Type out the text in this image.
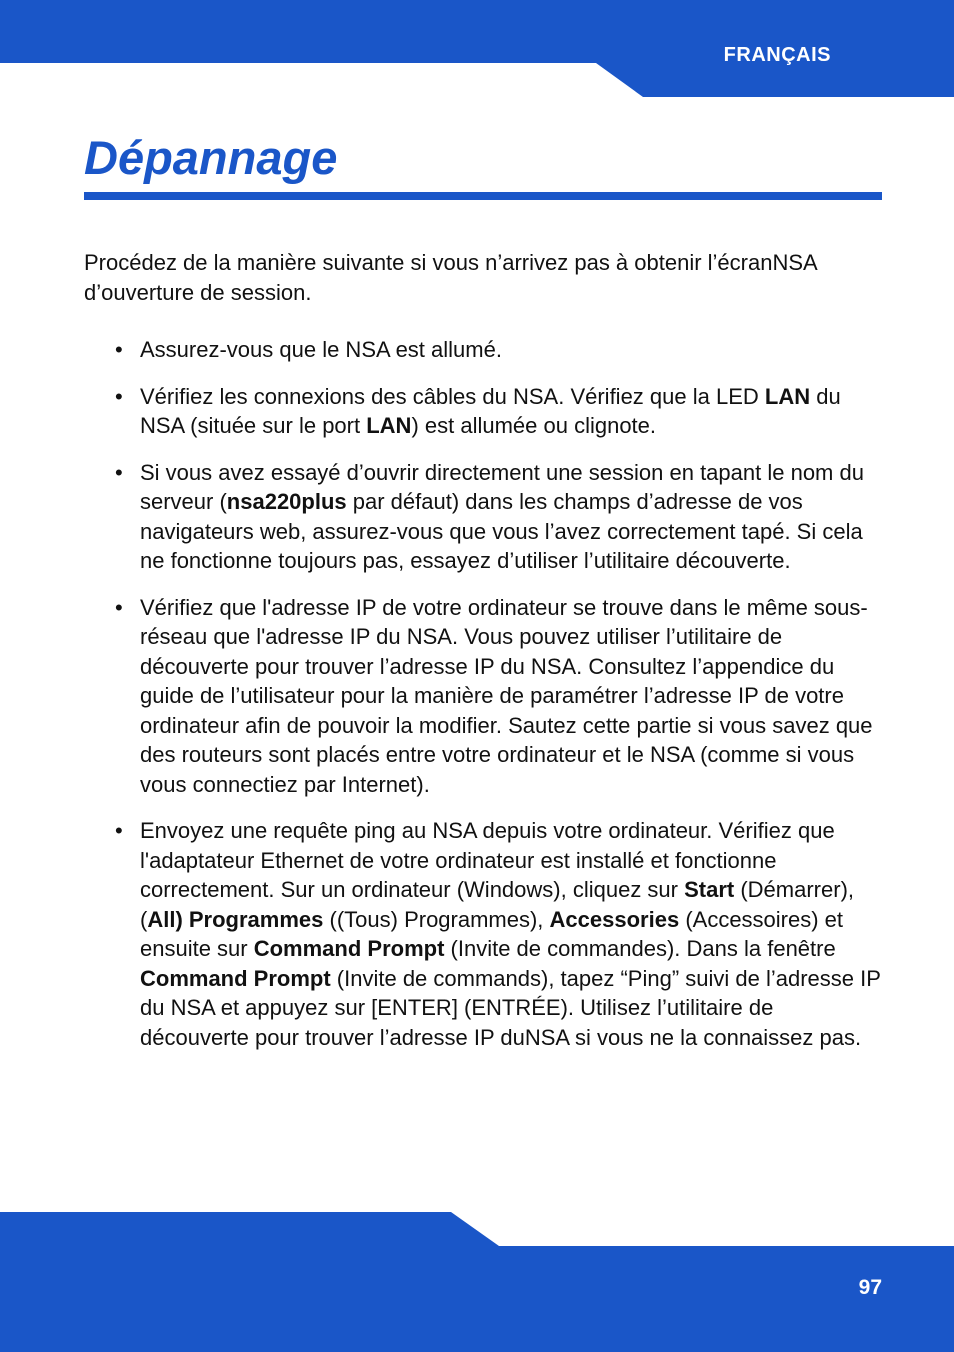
FRANÇAIS
Dépannage

Procédez de la manière suivante si vous n’arrivez pas à obtenir l’écranNSA d’ouverture de session.

• Assurez-vous que le NSA est allumé.
• Vérifiez les connexions des câbles du NSA. Vérifiez que la LED LAN du NSA (située sur le port LAN) est allumée ou clignote.
• Si vous avez essayé d’ouvrir directement une session en tapant le nom du serveur (nsa220plus par défaut) dans les champs d’adresse de vos navigateurs web, assurez-vous que vous l’avez correctement tapé. Si cela ne fonctionne toujours pas, essayez d’utiliser l’utilitaire découverte.
• Vérifiez que l'adresse IP de votre ordinateur se trouve dans le même sous-réseau que l'adresse IP du NSA. Vous pouvez utiliser l’utilitaire de découverte pour trouver l’adresse IP du NSA. Consultez l’appendice du guide de l’utilisateur pour la manière de paramétrer l’adresse IP de votre ordinateur afin de pouvoir la modifier. Sautez cette partie si vous savez que des routeurs sont placés entre votre ordinateur et le NSA (comme si vous vous connectiez par Internet).
• Envoyez une requête ping au NSA depuis votre ordinateur. Vérifiez que l'adaptateur Ethernet de votre ordinateur est installé et fonctionne correctement. Sur un ordinateur (Windows), cliquez sur Start (Démarrer), (All) Programmes ((Tous) Programmes), Accessories (Accessoires) et ensuite sur Command Prompt (Invite de commandes). Dans la fenêtre Command Prompt (Invite de commands), tapez “Ping” suivi de l’adresse IP du NSA et appuyez sur [ENTER] (ENTRÉE). Utilisez l’utilitaire de découverte pour trouver l’adresse IP duNSA si vous ne la connaissez pas.
97
